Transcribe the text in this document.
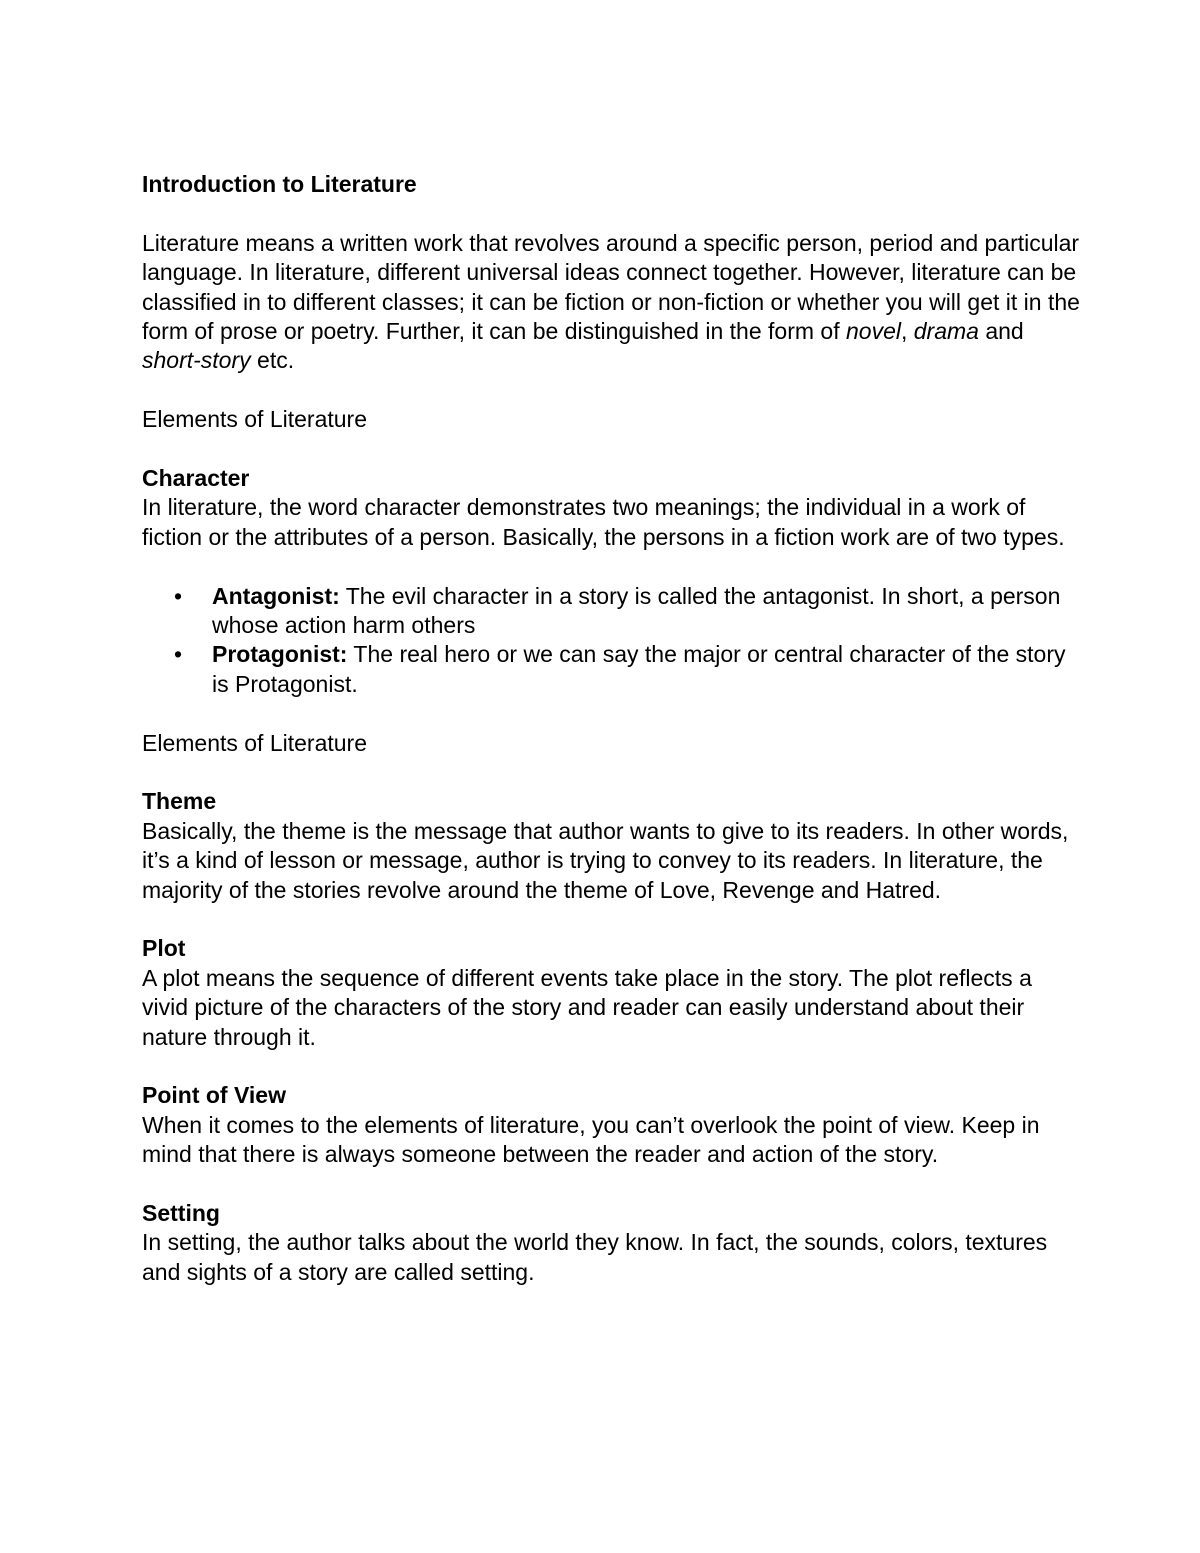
Introduction to Literature

Literature means a written work that revolves around a specific person, period and particular language. In literature, different universal ideas connect together. However, literature can be classified in to different classes; it can be fiction or non-fiction or whether you will get it in the form of prose or poetry. Further, it can be distinguished in the form of novel, drama and short-story etc.

Elements of Literature

Character

In literature, the word character demonstrates two meanings; the individual in a work of fiction or the attributes of a person. Basically, the persons in a fiction work are of two types.

• Antagonist: The evil character in a story is called the antagonist. In short, a person whose action harm others
• Protagonist: The real hero or we can say the major or central character of the story is Protagonist.

Elements of Literature

Theme

Basically, the theme is the message that author wants to give to its readers. In other words, it’s a kind of lesson or message, author is trying to convey to its readers. In literature, the majority of the stories revolve around the theme of Love, Revenge and Hatred.

Plot

A plot means the sequence of different events take place in the story. The plot reflects a vivid picture of the characters of the story and reader can easily understand about their nature through it.

Point of View

When it comes to the elements of literature, you can’t overlook the point of view. Keep in mind that there is always someone between the reader and action of the story.

Setting

In setting, the author talks about the world they know. In fact, the sounds, colors, textures and sights of a story are called setting.
